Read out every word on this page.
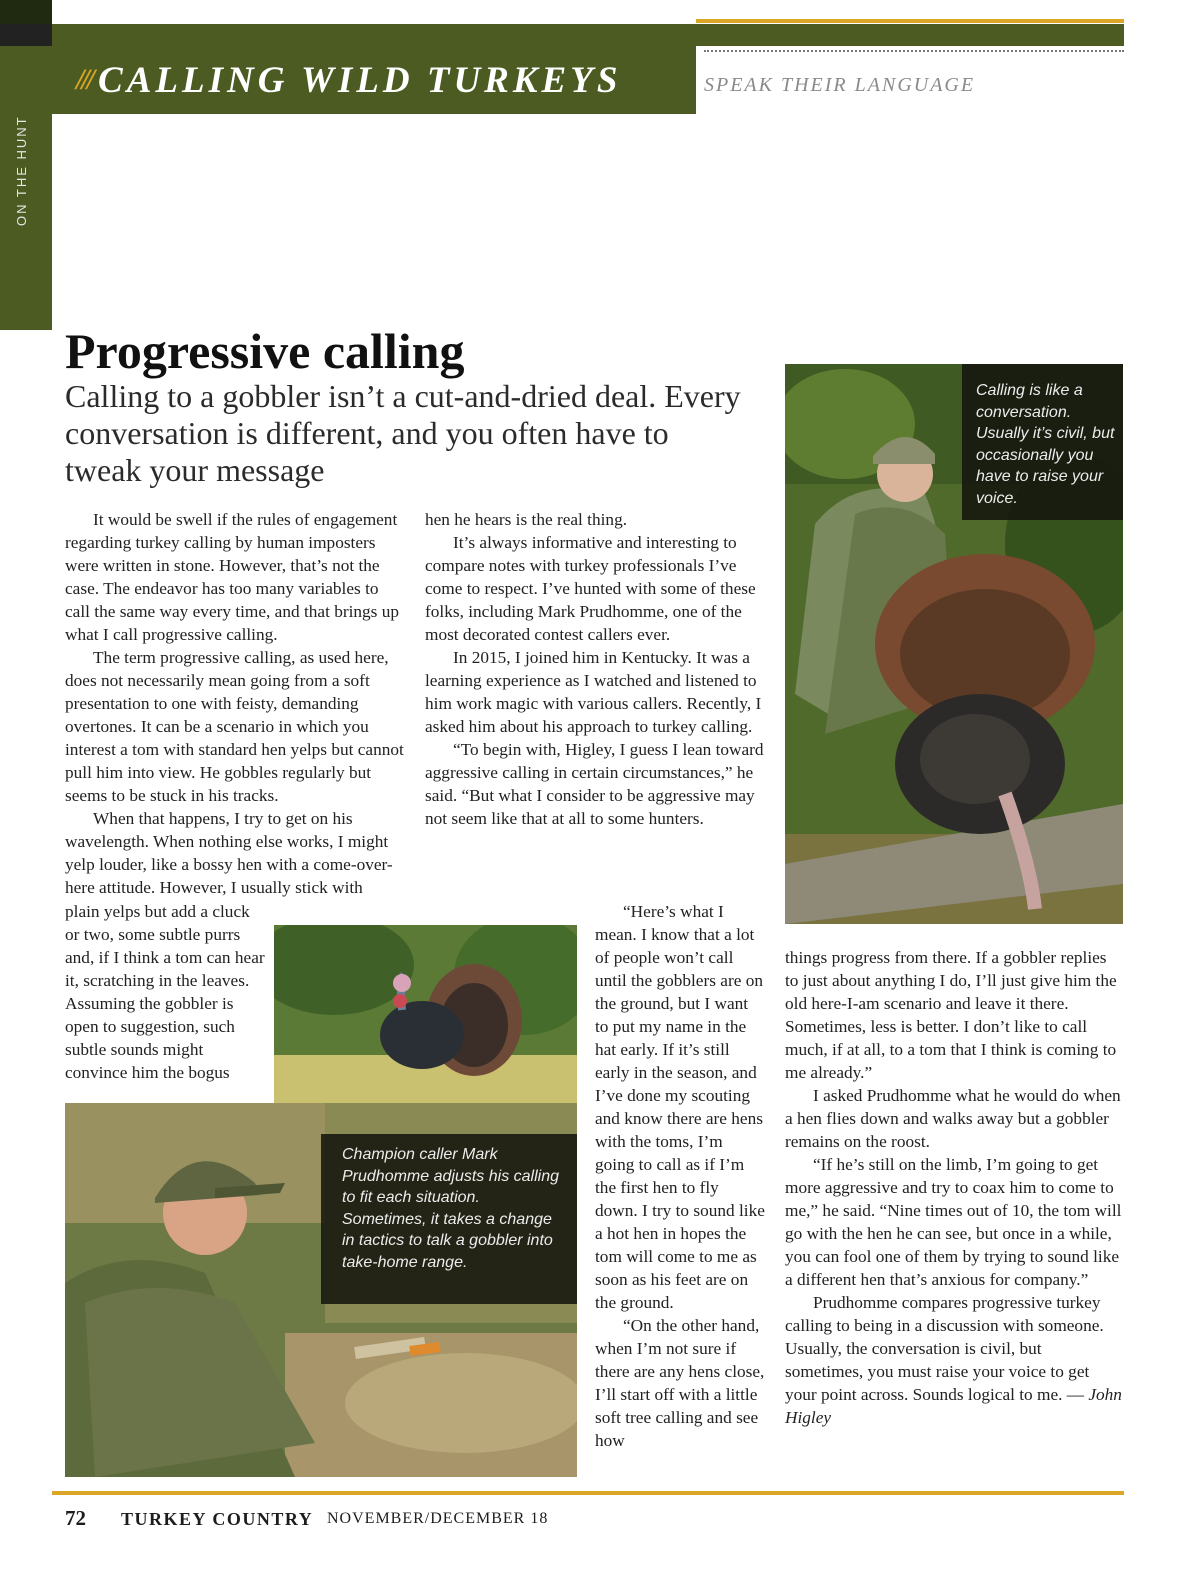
ON THE HUNT
/// CALLING WILD TURKEYS	SPEAK THEIR LANGUAGE
Progressive calling
Calling to a gobbler isn’t a cut-and-dried deal. Every conversation is different, and you often have to tweak your message

It would be swell if the rules of engagement regarding turkey calling by human imposters were written in stone. However, that’s not the case. The endeavor has too many variables to call the same way every time, and that brings up what I call progressive calling.

The term progressive calling, as used here, does not necessarily mean going from a soft presentation to one with feisty, demanding overtones. It can be a scenario in which you interest a tom with standard hen yelps but cannot pull him into view. He gobbles regularly but seems to be stuck in his tracks.

When that happens, I try to get on his wavelength. When nothing else works, I might yelp louder, like a bossy hen with a come-over-here attitude. However, I usually stick with

plain yelps but add a cluck or two, some subtle purrs and, if I think a tom can hear it, scratching in the leaves. Assuming the gobbler is open to suggestion, such subtle sounds might convince him the bogus

hen he hears is the real thing.

It’s always informative and interesting to compare notes with turkey professionals I’ve come to respect. I’ve hunted with some of these folks, including Mark Prudhomme, one of the most decorated contest callers ever.

In 2015, I joined him in Kentucky. It was a learning experience as I watched and listened to him work magic with various callers. Recently, I asked him about his approach to turkey calling.

“To begin with, Higley, I guess I lean toward aggressive calling in certain circumstances,” he said. “But what I consider to be aggressive may not seem like that at all to some hunters.

“Here’s what I mean. I know that a lot of people won’t call until the gobblers are on the ground, but I want to put my name in the hat early. If it’s still early in the season, and I’ve done my scouting and know there are hens with the toms, I’m going to call as if I’m the first hen to fly down. I try to sound like a hot hen in hopes the tom will come to me as soon as his feet are on the ground.

“On the other hand, when I’m not sure if there are any hens close, I’ll start off with a little soft tree calling and see how

things progress from there. If a gobbler replies to just about anything I do, I’ll just give him the old here-I-am scenario and leave it there. Sometimes, less is better. I don’t like to call much, if at all, to a tom that I think is coming to me already.”

I asked Prudhomme what he would do when a hen flies down and walks away but a gobbler remains on the roost.

“If he’s still on the limb, I’m going to get more aggressive and try to coax him to come to me,” he said. “Nine times out of 10, the tom will go with the hen he can see, but once in a while, you can fool one of them by trying to sound like a different hen that’s anxious for company.”

Prudhomme compares progressive turkey calling to being in a discussion with someone. Usually, the conversation is civil, but sometimes, you must raise your voice to get your point across. Sounds logical to me. — John Higley

Calling is like a conversation. Usually it’s civil, but occasionally you have to raise your voice.
Champion caller Mark Prudhomme adjusts his calling to fit each situation. Sometimes, it takes a change in tactics to talk a gobbler into take-home range.
72 TURKEY COUNTRY NOVEMBER/DECEMBER 18
